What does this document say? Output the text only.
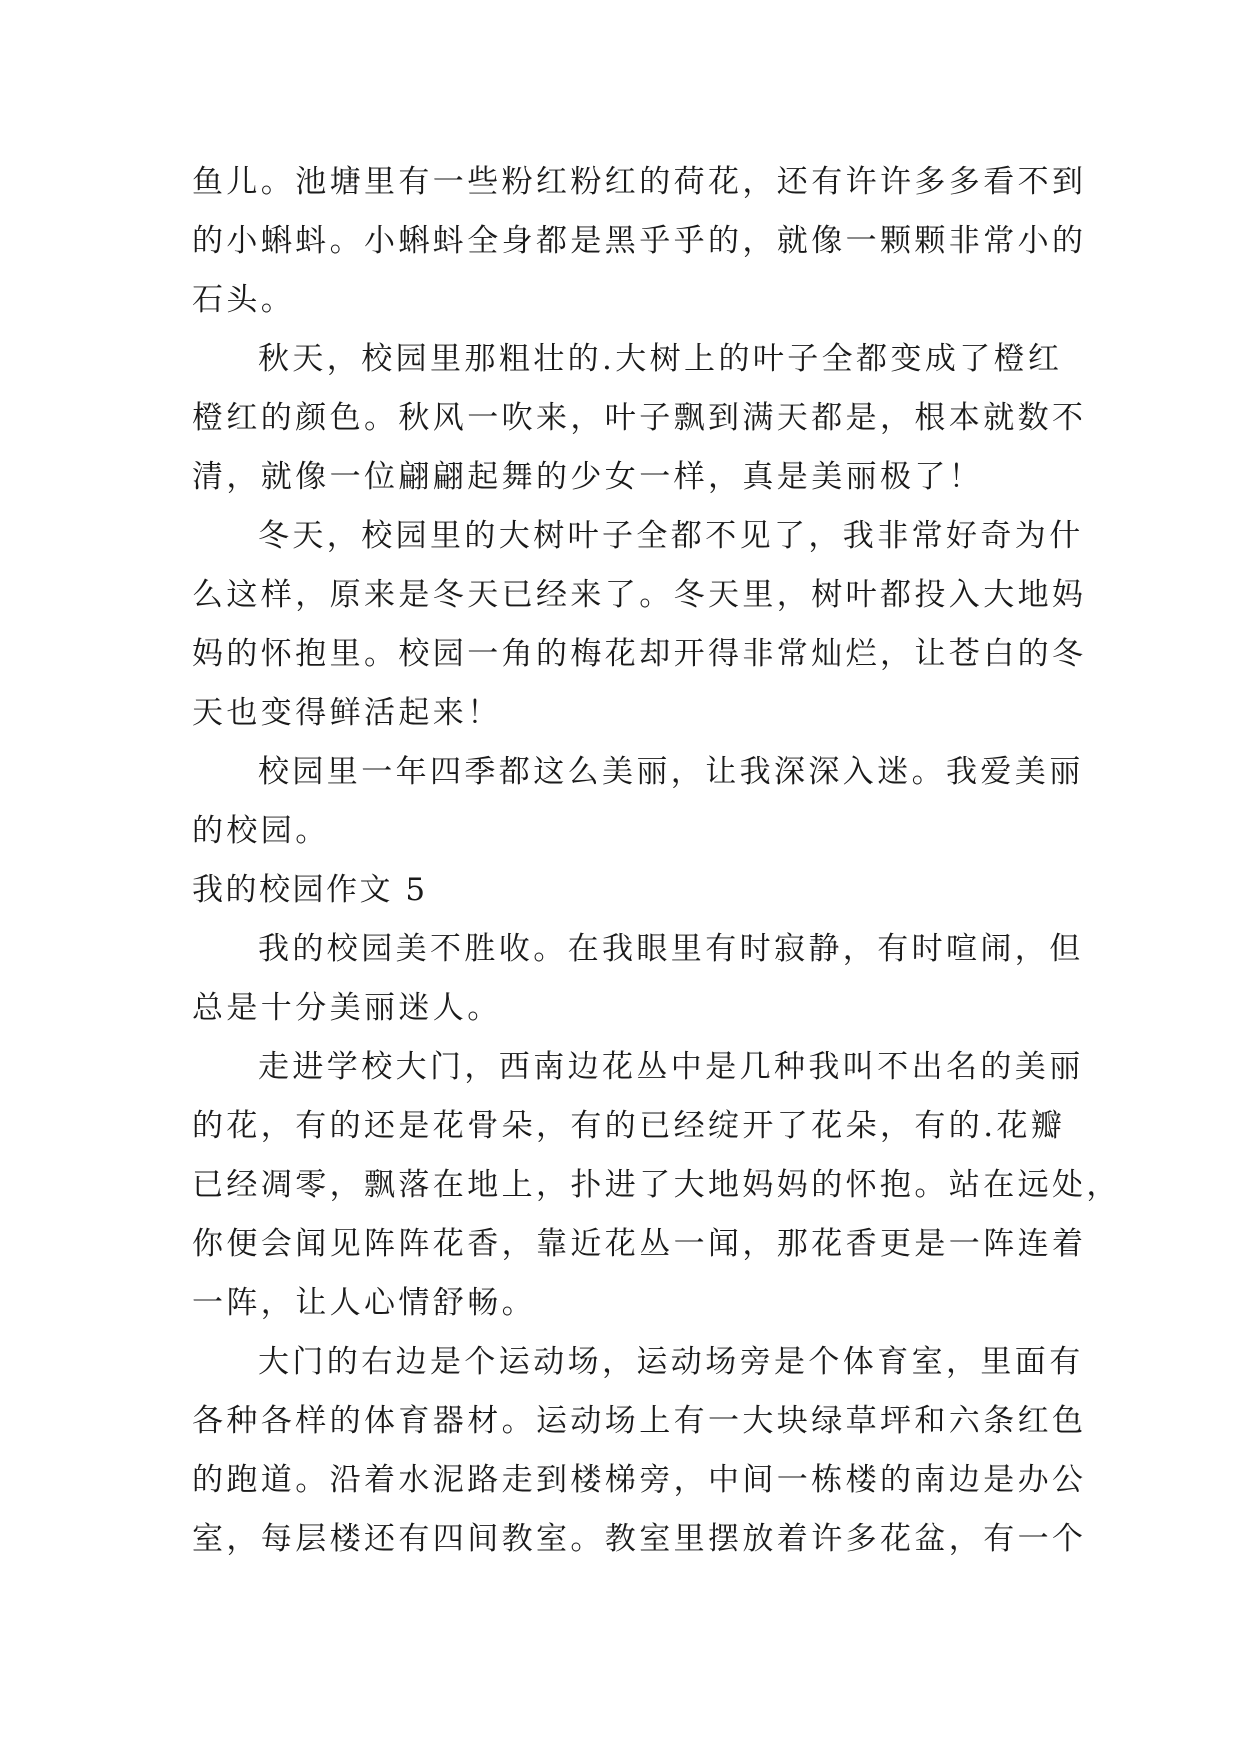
鱼儿。池塘里有一些粉红粉红的荷花，还有许许多多看不到
的小蝌蚪。小蝌蚪全身都是黑乎乎的，就像一颗颗非常小的
石头。
秋天，校园里那粗壮的.大树上的叶子全都变成了橙红
橙红的颜色。秋风一吹来，叶子飘到满天都是，根本就数不
清，就像一位翩翩起舞的少女一样，真是美丽极了！
冬天，校园里的大树叶子全都不见了，我非常好奇为什
么这样，原来是冬天已经来了。冬天里，树叶都投入大地妈
妈的怀抱里。校园一角的梅花却开得非常灿烂，让苍白的冬
天也变得鲜活起来！
校园里一年四季都这么美丽，让我深深入迷。我爱美丽
的校园。
我的校园作文 5
我的校园美不胜收。在我眼里有时寂静，有时喧闹，但
总是十分美丽迷人。
走进学校大门，西南边花丛中是几种我叫不出名的美丽
的花，有的还是花骨朵，有的已经绽开了花朵，有的.花瓣
已经凋零，飘落在地上，扑进了大地妈妈的怀抱。站在远处，
你便会闻见阵阵花香，靠近花丛一闻，那花香更是一阵连着
一阵，让人心情舒畅。
大门的右边是个运动场，运动场旁是个体育室，里面有
各种各样的体育器材。运动场上有一大块绿草坪和六条红色
的跑道。沿着水泥路走到楼梯旁，中间一栋楼的南边是办公
室，每层楼还有四间教室。教室里摆放着许多花盆，有一个
